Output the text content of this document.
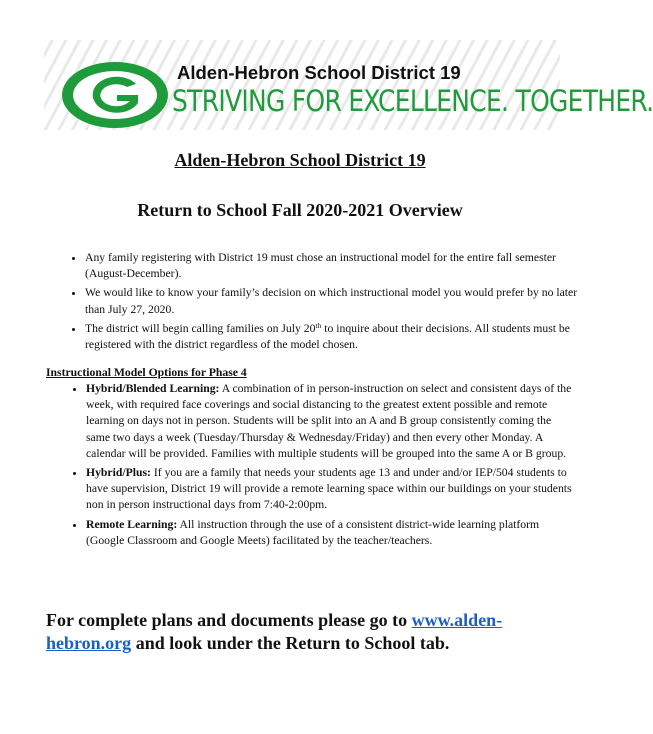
Alden-Hebron School District 19
STRIVING FOR EXCELLENCE. TOGETHER.
Alden-Hebron School District 19
Return to School Fall 2020-2021 Overview
• Any family registering with District 19 must chose an instructional model for the entire fall semester (August-December).
• We would like to know your family’s decision on which instructional model you would prefer by no later than July 27, 2020.
• The district will begin calling families on July 20th to inquire about their decisions. All students must be registered with the district regardless of the model chosen.
Instructional Model Options for Phase 4
• Hybrid/Blended Learning: A combination of in person-instruction on select and consistent days of the week, with required face coverings and social distancing to the greatest extent possible and remote learning on days not in person. Students will be split into an A and B group consistently coming the same two days a week (Tuesday/Thursday & Wednesday/Friday) and then every other Monday. A calendar will be provided. Families with multiple students will be grouped into the same A or B group.
• Hybrid/Plus: If you are a family that needs your students age 13 and under and/or IEP/504 students to have supervision, District 19 will provide a remote learning space within our buildings on your students non in person instructional days from 7:40-2:00pm.
• Remote Learning: All instruction through the use of a consistent district-wide learning platform (Google Classroom and Google Meets) facilitated by the teacher/teachers.
For complete plans and documents please go to www.alden-hebron.org and look under the Return to School tab.
